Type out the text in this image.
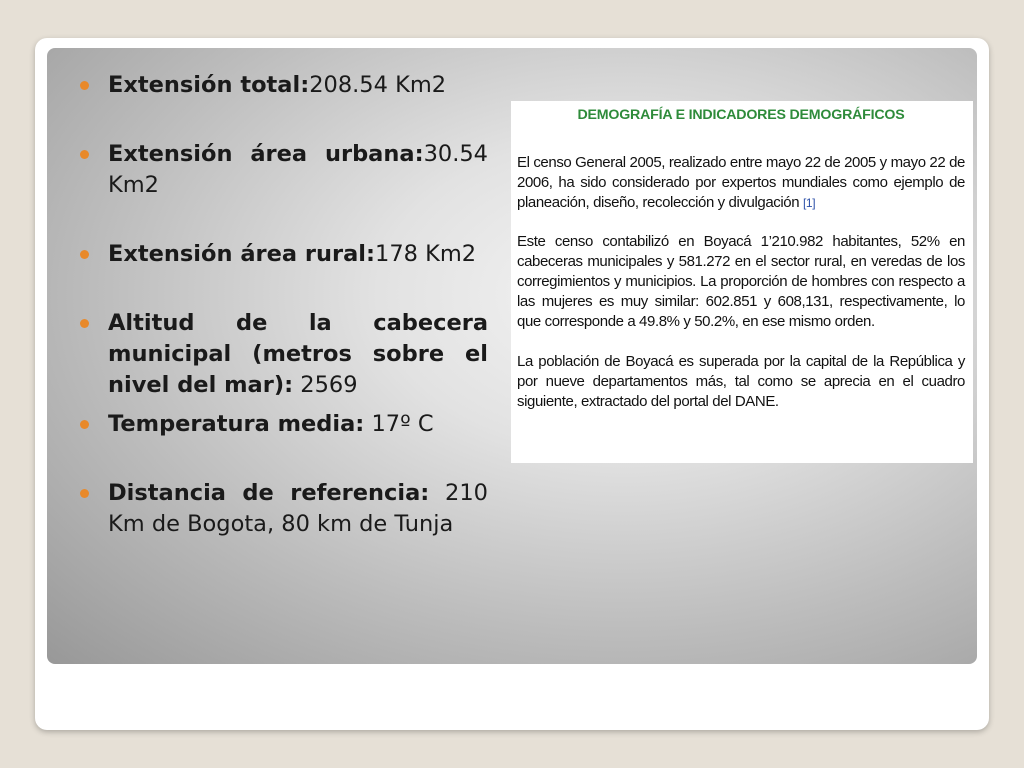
Extensión total:208.54 Km2
Extensión área urbana:30.54 Km2
Extensión área rural:178 Km2
Altitud de la cabecera municipal (metros sobre el nivel del mar): 2569
Temperatura media: 17º C
Distancia de referencia: 210 Km de Bogota, 80 km de Tunja
DEMOGRAFÍA E INDICADORES DEMOGRÁFICOS

El censo General 2005, realizado entre mayo 22 de 2005 y mayo 22 de 2006, ha sido considerado por expertos mundiales como ejemplo de planeación, diseño, recolección y divulgación [1]

Este censo contabilizó en Boyacá 1’210.982 habitantes, 52% en cabeceras municipales y 581.272 en el sector rural, en veredas de los corregimientos y municipios. La proporción de hombres con respecto a las mujeres es muy similar: 602.851 y 608,131, respectivamente, lo que corresponde a 49.8% y 50.2%, en ese mismo orden.

La población de Boyacá es superada por la capital de la República y por nueve departamentos más, tal como se aprecia en el cuadro siguiente, extractado del portal del DANE.
